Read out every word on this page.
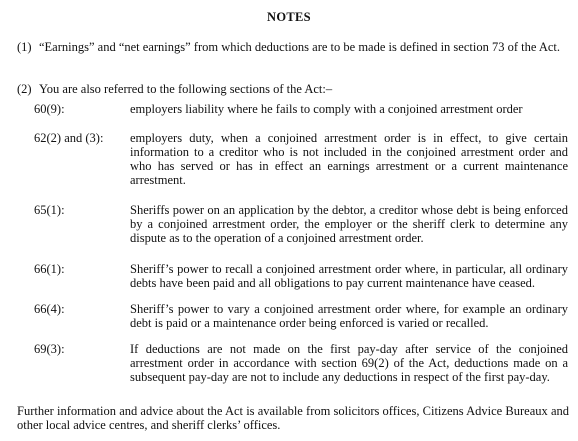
NOTES
(1) “Earnings” and “net earnings” from which deductions are to be made is defined in section 73 of the Act.
(2) You are also referred to the following sections of the Act:–
60(9):	employers liability where he fails to comply with a conjoined arrestment order
62(2) and (3):	employers duty, when a conjoined arrestment order is in effect, to give certain information to a creditor who is not included in the conjoined arrestment order and who has served or has in effect an earnings arrestment or a current maintenance arrestment.
65(1):	Sheriffs power on an application by the debtor, a creditor whose debt is being enforced by a conjoined arrestment order, the employer or the sheriff clerk to determine any dispute as to the operation of a conjoined arrestment order.
66(1):	Sheriff’s power to recall a conjoined arrestment order where, in particular, all ordinary debts have been paid and all obligations to pay current maintenance have ceased.
66(4):	Sheriff’s power to vary a conjoined arrestment order where, for example an ordinary debt is paid or a maintenance order being enforced is varied or recalled.
69(3):	If deductions are not made on the first pay-day after service of the conjoined arrestment order in accordance with section 69(2) of the Act, deductions made on a subsequent pay-day are not to include any deductions in respect of the first pay-day.
Further information and advice about the Act is available from solicitors offices, Citizens Advice Bureaux and other local advice centres, and sheriff clerks’ offices.
